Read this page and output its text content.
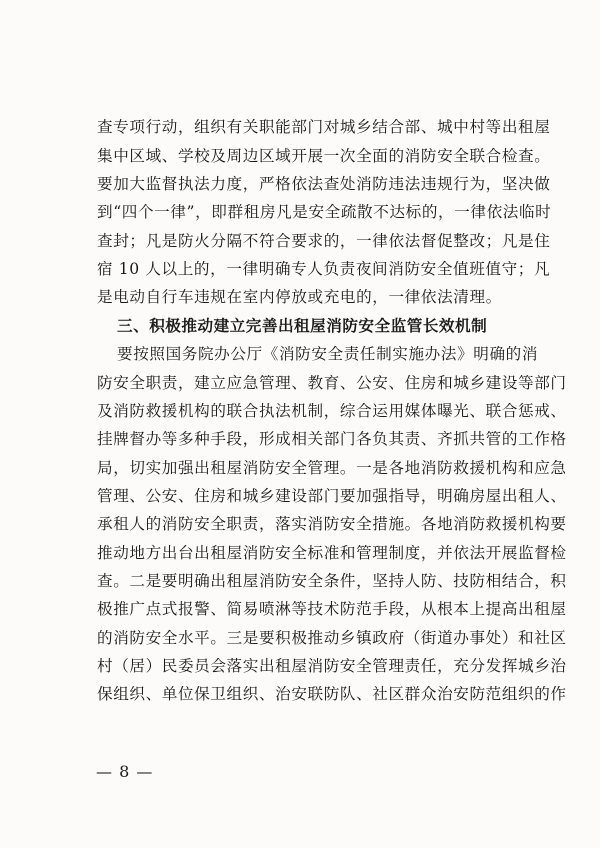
查专项行动，组织有关职能部门对城乡结合部、城中村等出租屋
集中区域、学校及周边区域开展一次全面的消防安全联合检查。
要加大监督执法力度，严格依法查处消防违法违规行为，坚决做
到“四个一律”，即群租房凡是安全疏散不达标的，一律依法临时
查封；凡是防火分隔不符合要求的，一律依法督促整改；凡是住
宿 10 人以上的，一律明确专人负责夜间消防安全值班值守；凡
是电动自行车违规在室内停放或充电的，一律依法清理。
三、积极推动建立完善出租屋消防安全监管长效机制
要按照国务院办公厅《消防安全责任制实施办法》明确的消
防安全职责，建立应急管理、教育、公安、住房和城乡建设等部门
及消防救援机构的联合执法机制，综合运用媒体曝光、联合惩戒、
挂牌督办等多种手段，形成相关部门各负其责、齐抓共管的工作格
局，切实加强出租屋消防安全管理。一是各地消防救援机构和应急
管理、公安、住房和城乡建设部门要加强指导，明确房屋出租人、
承租人的消防安全职责，落实消防安全措施。各地消防救援机构要
推动地方出台出租屋消防安全标准和管理制度，并依法开展监督检
查。二是要明确出租屋消防安全条件，坚持人防、技防相结合，积
极推广点式报警、简易喷淋等技术防范手段，从根本上提高出租屋
的消防安全水平。三是要积极推动乡镇政府（街道办事处）和社区
村（居）民委员会落实出租屋消防安全管理责任，充分发挥城乡治
保组织、单位保卫组织、治安联防队、社区群众治安防范组织的作
— 8 —
